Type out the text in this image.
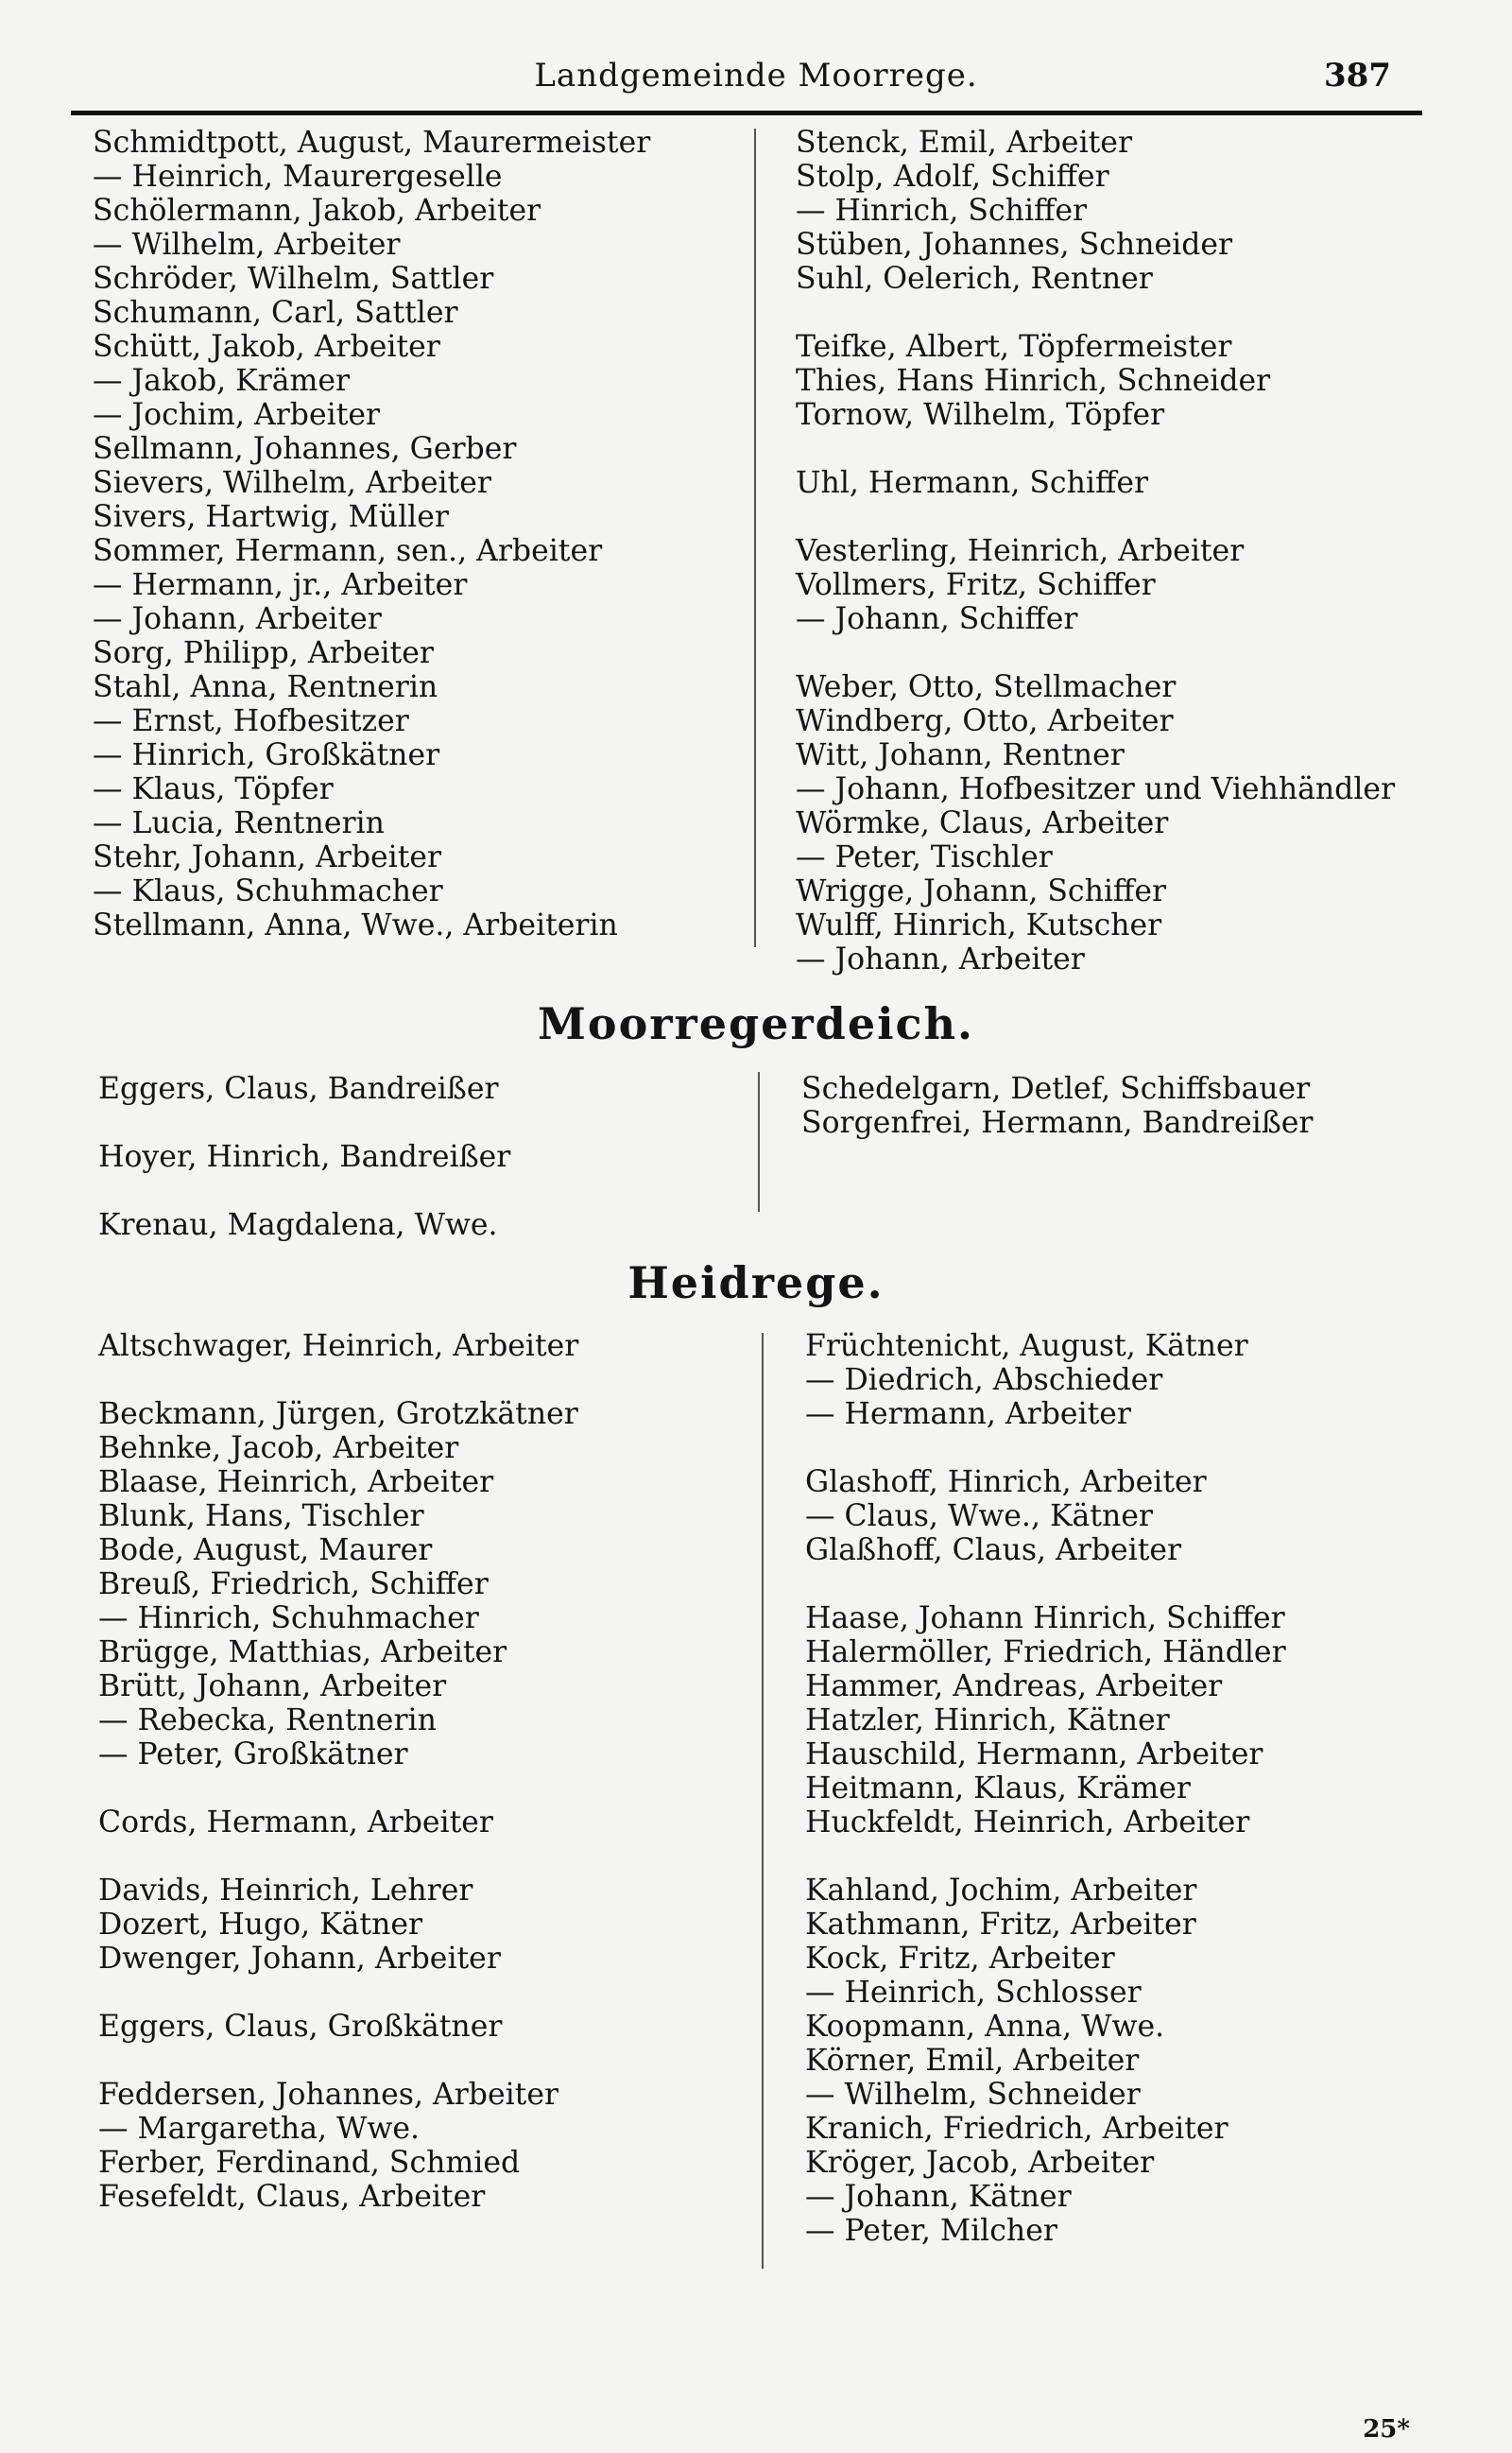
Landgemeinde Moorrege.	387
Schmidtpott, August, Maurermeister
— Heinrich, Maurergeselle
Schölermann, Jakob, Arbeiter
— Wilhelm, Arbeiter
Schröder, Wilhelm, Sattler
Schumann, Carl, Sattler
Schütt, Jakob, Arbeiter
— Jakob, Krämer
— Jochim, Arbeiter
Sellmann, Johannes, Gerber
Sievers, Wilhelm, Arbeiter
Sivers, Hartwig, Müller
Sommer, Hermann, sen., Arbeiter
— Hermann, jr., Arbeiter
— Johann, Arbeiter
Sorg, Philipp, Arbeiter
Stahl, Anna, Rentnerin
— Ernst, Hofbesitzer
— Hinrich, Großkätner
— Klaus, Töpfer
— Lucia, Rentnerin
Stehr, Johann, Arbeiter
— Klaus, Schuhmacher
Stellmann, Anna, Wwe., Arbeiterin
Stenck, Emil, Arbeiter
Stolp, Adolf, Schiffer
— Hinrich, Schiffer
Stüben, Johannes, Schneider
Suhl, Oelerich, Rentner
Teifke, Albert, Töpfermeister
Thies, Hans Hinrich, Schneider
Tornow, Wilhelm, Töpfer
Uhl, Hermann, Schiffer
Vesterling, Heinrich, Arbeiter
Vollmers, Fritz, Schiffer
— Johann, Schiffer
Weber, Otto, Stellmacher
Windberg, Otto, Arbeiter
Witt, Johann, Rentner
— Johann, Hofbesitzer und Viehhändler
Wörmke, Claus, Arbeiter
— Peter, Tischler
Wrigge, Johann, Schiffer
Wulff, Hinrich, Kutscher
— Johann, Arbeiter
Moorregerdeich.
Eggers, Claus, Bandreißer
Hoyer, Hinrich, Bandreißer
Krenau, Magdalena, Wwe.
Schedelgarn, Detlef, Schiffsbauer
Sorgenfrei, Hermann, Bandreißer
Heidrege.
Altschwager, Heinrich, Arbeiter
Beckmann, Jürgen, Grotzkätner
Behnke, Jacob, Arbeiter
Blaase, Heinrich, Arbeiter
Blunk, Hans, Tischler
Bode, August, Maurer
Breuß, Friedrich, Schiffer
— Hinrich, Schuhmacher
Brügge, Matthias, Arbeiter
Brütt, Johann, Arbeiter
— Rebecka, Rentnerin
— Peter, Großkätner
Cords, Hermann, Arbeiter
Davids, Heinrich, Lehrer
Dozert, Hugo, Kätner
Dwenger, Johann, Arbeiter
Eggers, Claus, Großkätner
Feddersen, Johannes, Arbeiter
— Margaretha, Wwe.
Ferber, Ferdinand, Schmied
Fesefeldt, Claus, Arbeiter
Früchtenicht, August, Kätner
— Diedrich, Abschieder
— Hermann, Arbeiter
Glashoff, Hinrich, Arbeiter
— Claus, Wwe., Kätner
Glaßhoff, Claus, Arbeiter
Haase, Johann Hinrich, Schiffer
Halermöller, Friedrich, Händler
Hammer, Andreas, Arbeiter
Hatzler, Hinrich, Kätner
Hauschild, Hermann, Arbeiter
Heitmann, Klaus, Krämer
Huckfeldt, Heinrich, Arbeiter
Kahland, Jochim, Arbeiter
Kathmann, Fritz, Arbeiter
Kock, Fritz, Arbeiter
— Heinrich, Schlosser
Koopmann, Anna, Wwe.
Körner, Emil, Arbeiter
— Wilhelm, Schneider
Kranich, Friedrich, Arbeiter
Kröger, Jacob, Arbeiter
— Johann, Kätner
— Peter, Milcher
25*
